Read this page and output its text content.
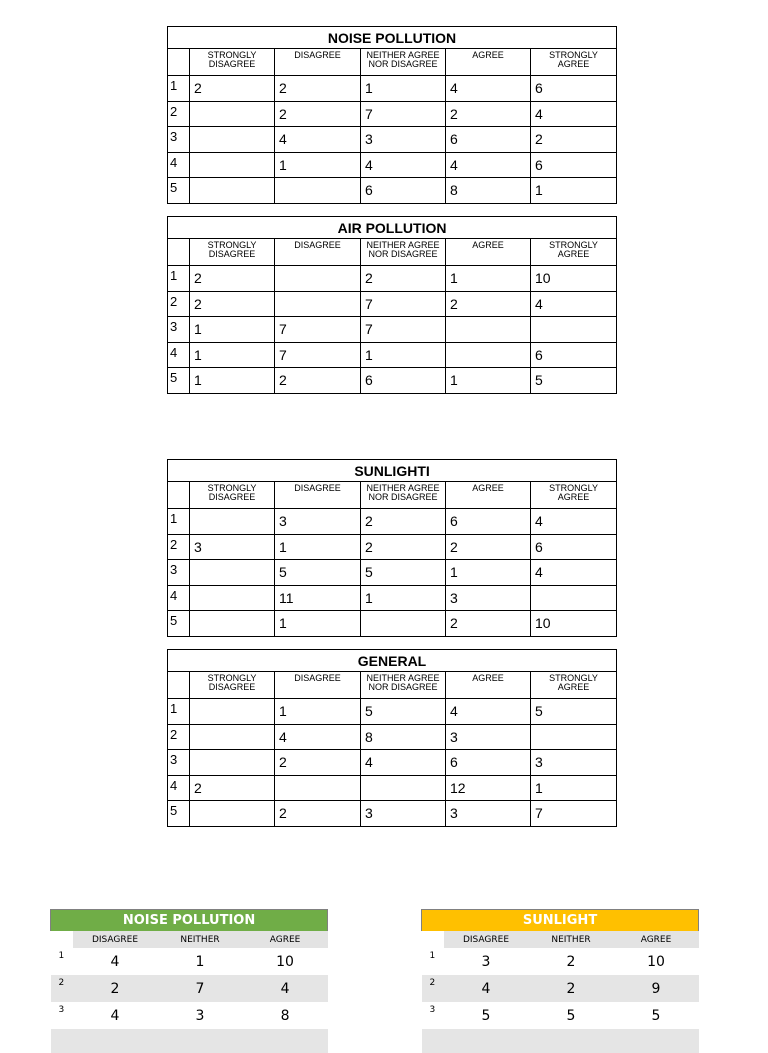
NOISE POLLUTION					
	STRONGLY DISAGREE	DISAGREE	NEITHER AGREE NOR DISAGREE	AGREE	STRONGLY AGREE
1	2	2	1	4	6
2		2	7	2	4
3		4	3	6	2
4		1	4	4	6
5			6	8	1
AIR POLLUTION					
	STRONGLY DISAGREE	DISAGREE	NEITHER AGREE NOR DISAGREE	AGREE	STRONGLY AGREE
1	2		2	1	10
2	2		7	2	4
3	1	7	7		
4	1	7	1		6
5	1	2	6	1	5
SUNLIGHTI					
	STRONGLY DISAGREE	DISAGREE	NEITHER AGREE NOR DISAGREE	AGREE	STRONGLY AGREE
1		3	2	6	4
2	3	1	2	2	6
3		5	5	1	4
4		11	1	3	
5		1		2	10
GENERAL					
	STRONGLY DISAGREE	DISAGREE	NEITHER AGREE NOR DISAGREE	AGREE	STRONGLY AGREE
1		1	5	4	5
2		4	8	3	
3		2	4	6	3
4	2			12	1
5		2	3	3	7
NOISE POLLUTION			
	DISAGREE	NEITHER	AGREE
1	4	1	10
2	2	7	4
3	4	3	8

SUNLIGHT			
	DISAGREE	NEITHER	AGREE
1	3	2	10
2	4	2	9
3	5	5	5
